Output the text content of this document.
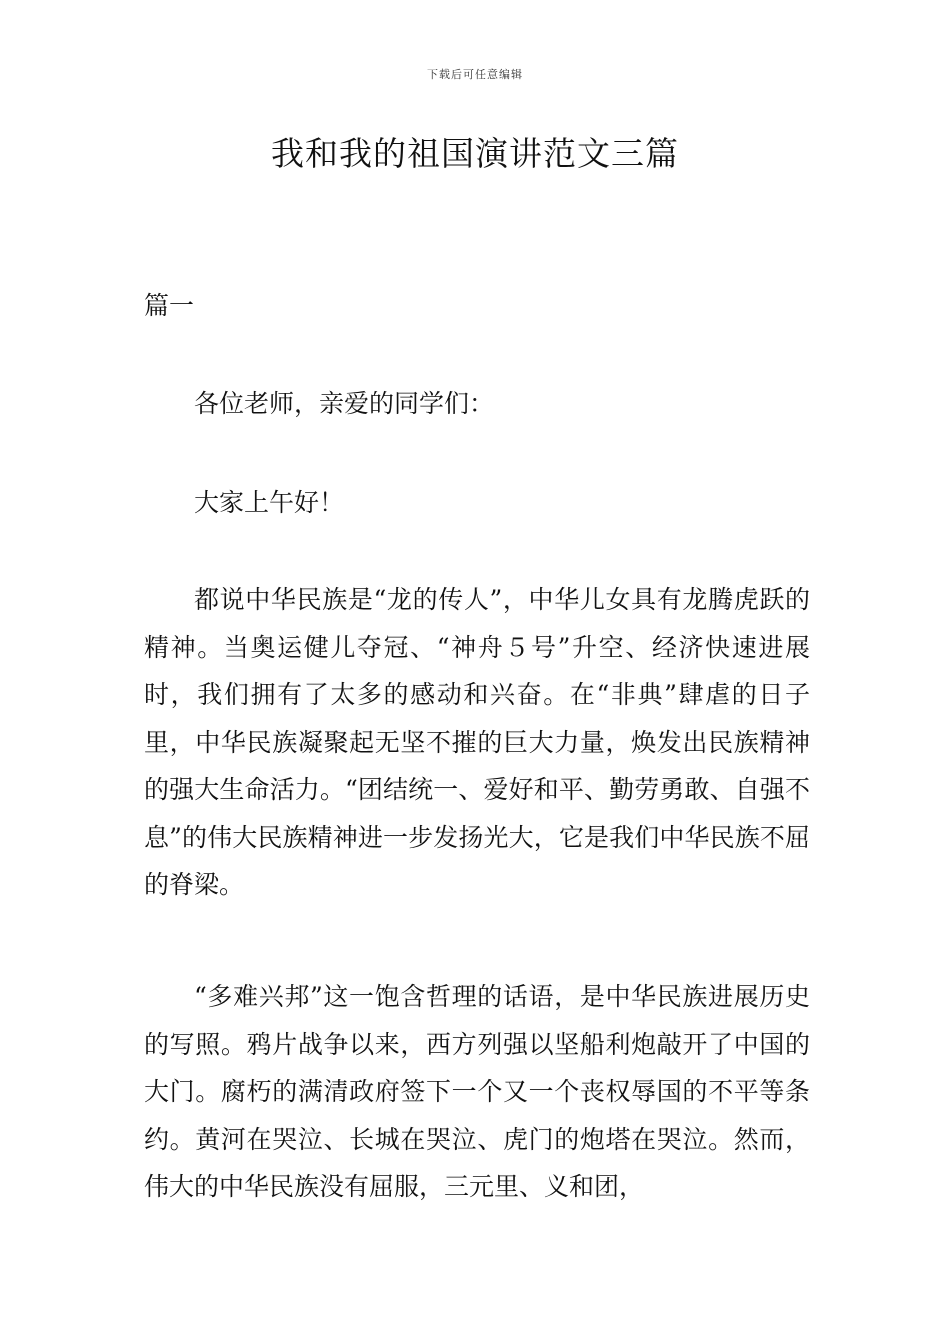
下载后可任意编辑
我和我的祖国演讲范文三篇

篇一

各位老师，亲爱的同学们：

大家上午好！

都说中华民族是“龙的传人”，中华儿女具有龙腾虎跃的精神。当奥运健儿夺冠、“神舟５号”升空、经济快速进展时，我们拥有了太多的感动和兴奋。在“非典”肆虐的日子里，中华民族凝聚起无坚不摧的巨大力量，焕发出民族精神的强大生命活力。“团结统一、爱好和平、勤劳勇敢、自强不息”的伟大民族精神进一步发扬光大，它是我们中华民族不屈的脊梁。

“多难兴邦”这一饱含哲理的话语，是中华民族进展历史的写照。鸦片战争以来，西方列强以坚船利炮敲开了中国的大门。腐朽的满清政府签下一个又一个丧权辱国的不平等条约。黄河在哭泣、长城在哭泣、虎门的炮塔在哭泣。然而，伟大的中华民族没有屈服，三元里、义和团，
